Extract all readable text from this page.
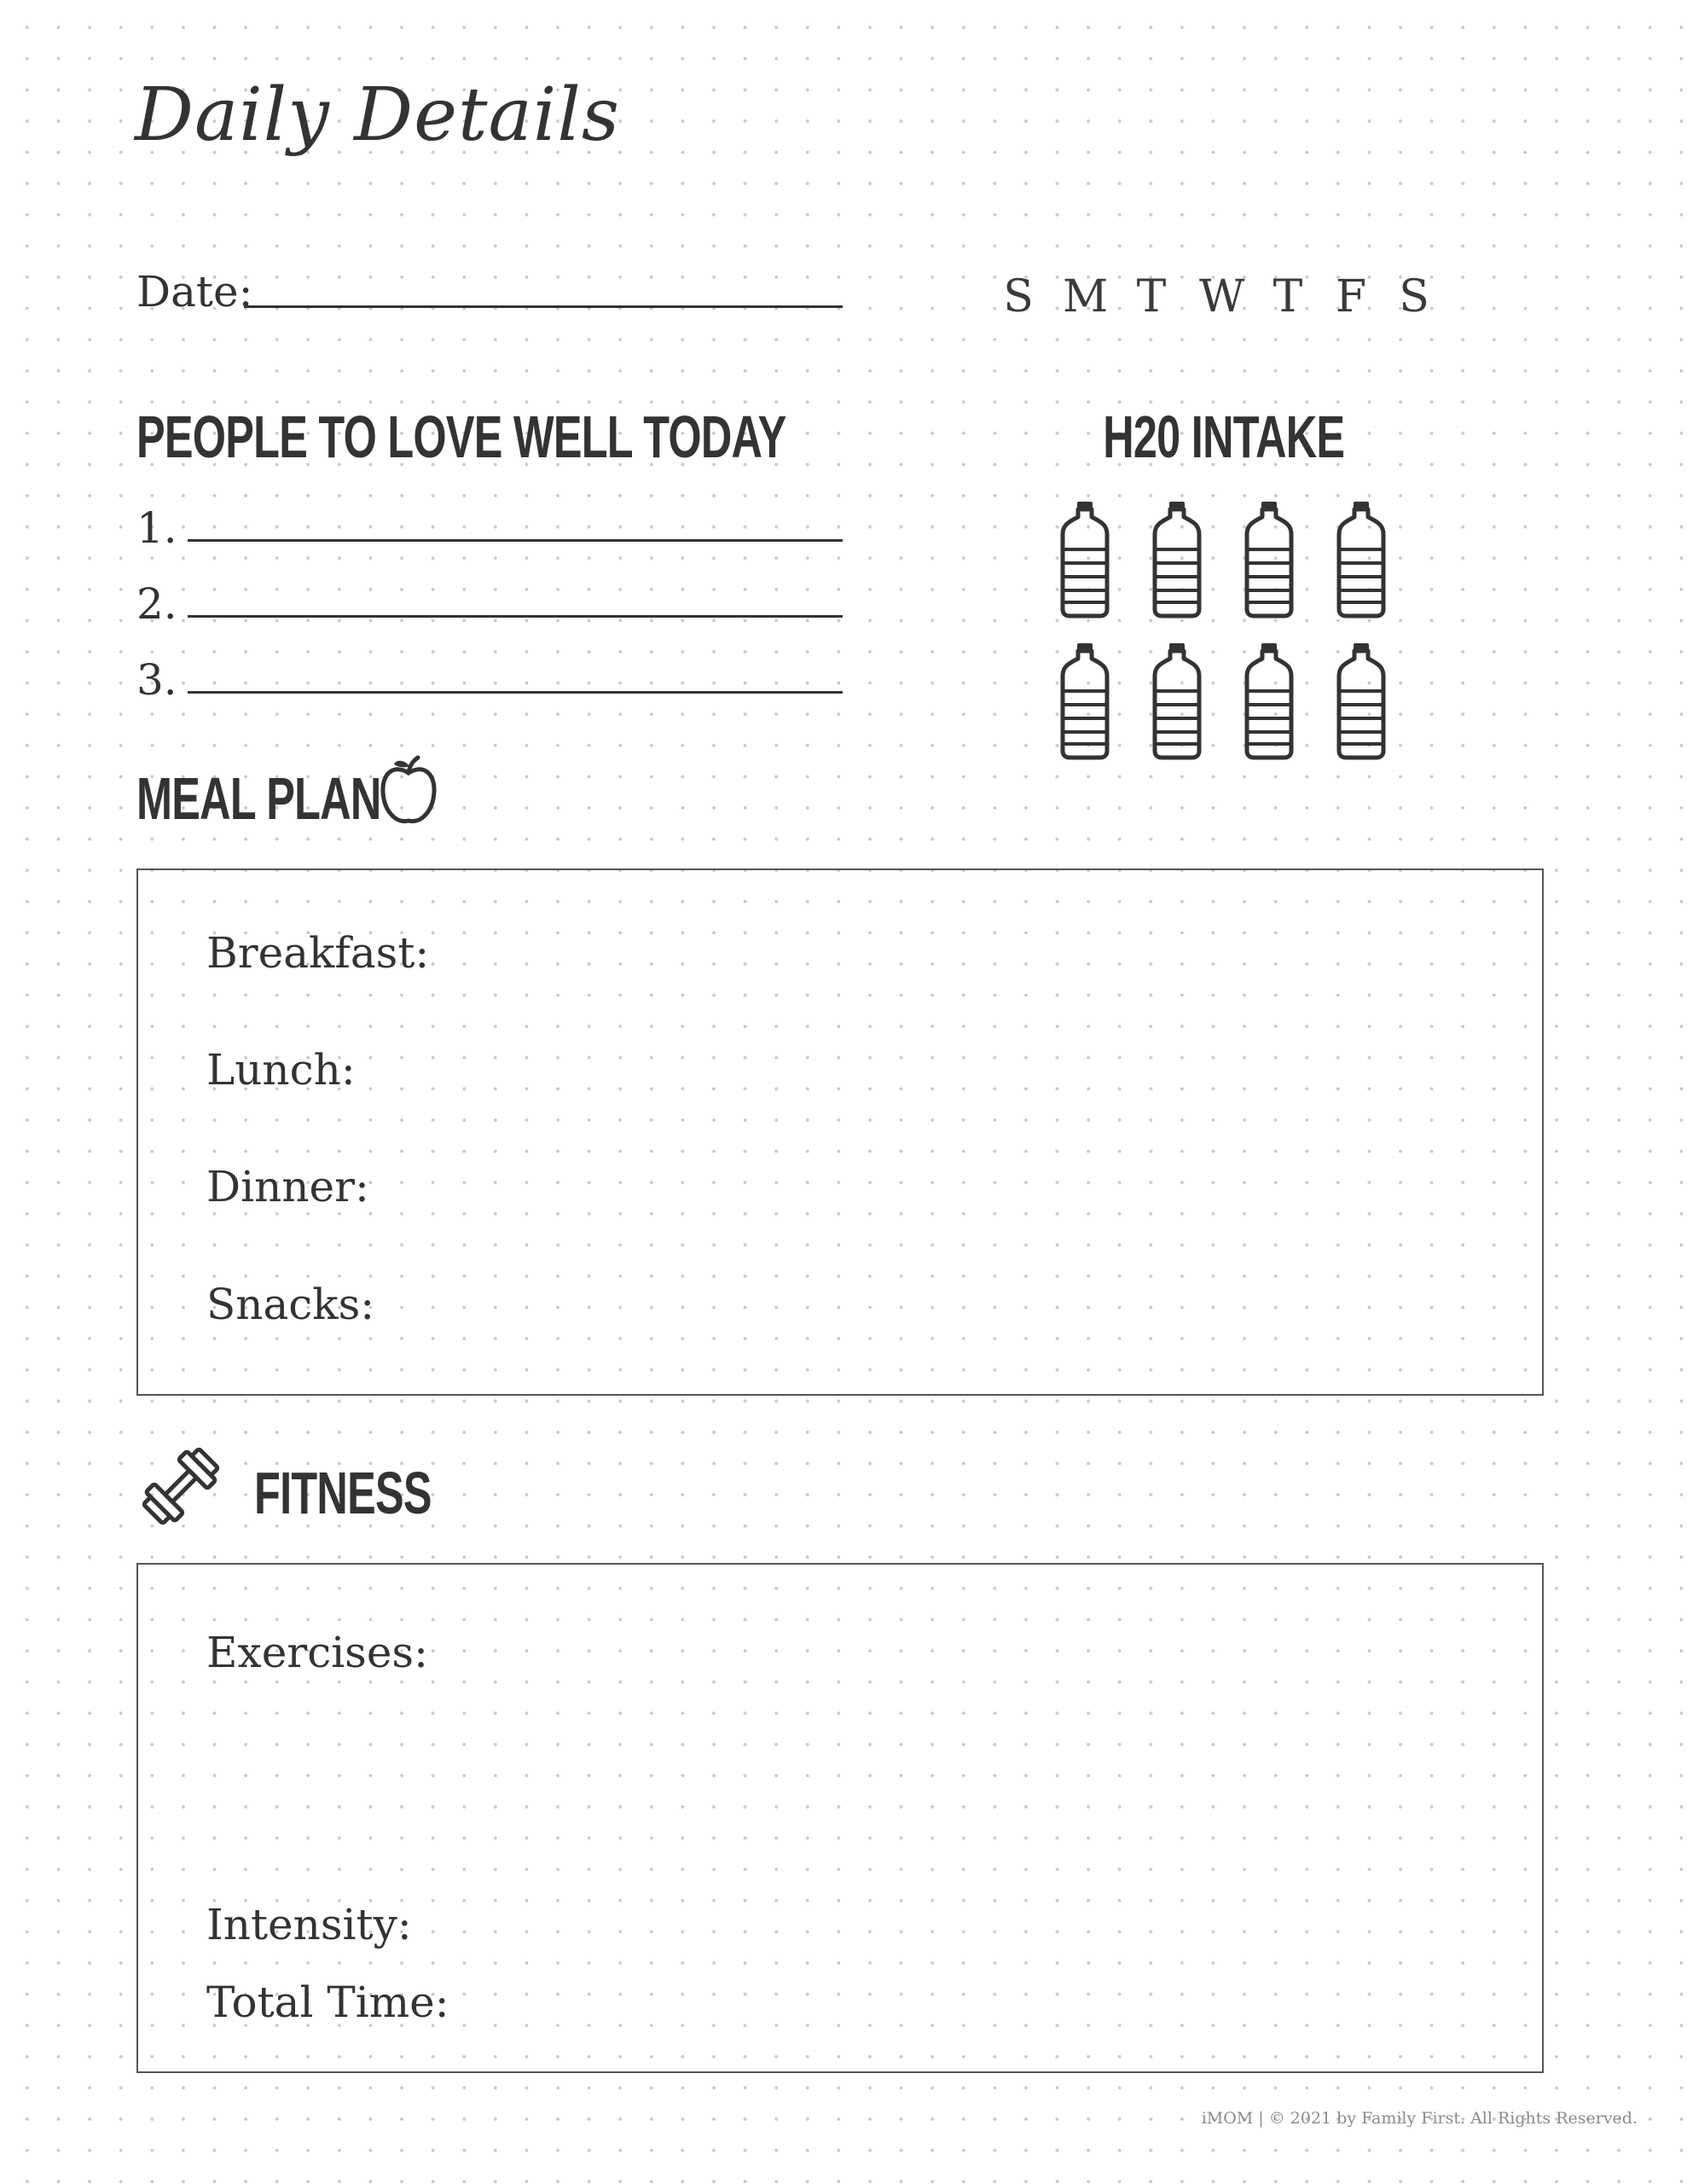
Daily Details
Date:	S M T W T F S
PEOPLE TO LOVE WELL TODAY
1.
2.
3.
H20 INTAKE
MEAL PLAN
Breakfast:
Lunch:
Dinner:
Snacks:
FITNESS
Exercises:
Intensity:
Total Time:
iMOM | © 2021 by Family First. All Rights Reserved.
